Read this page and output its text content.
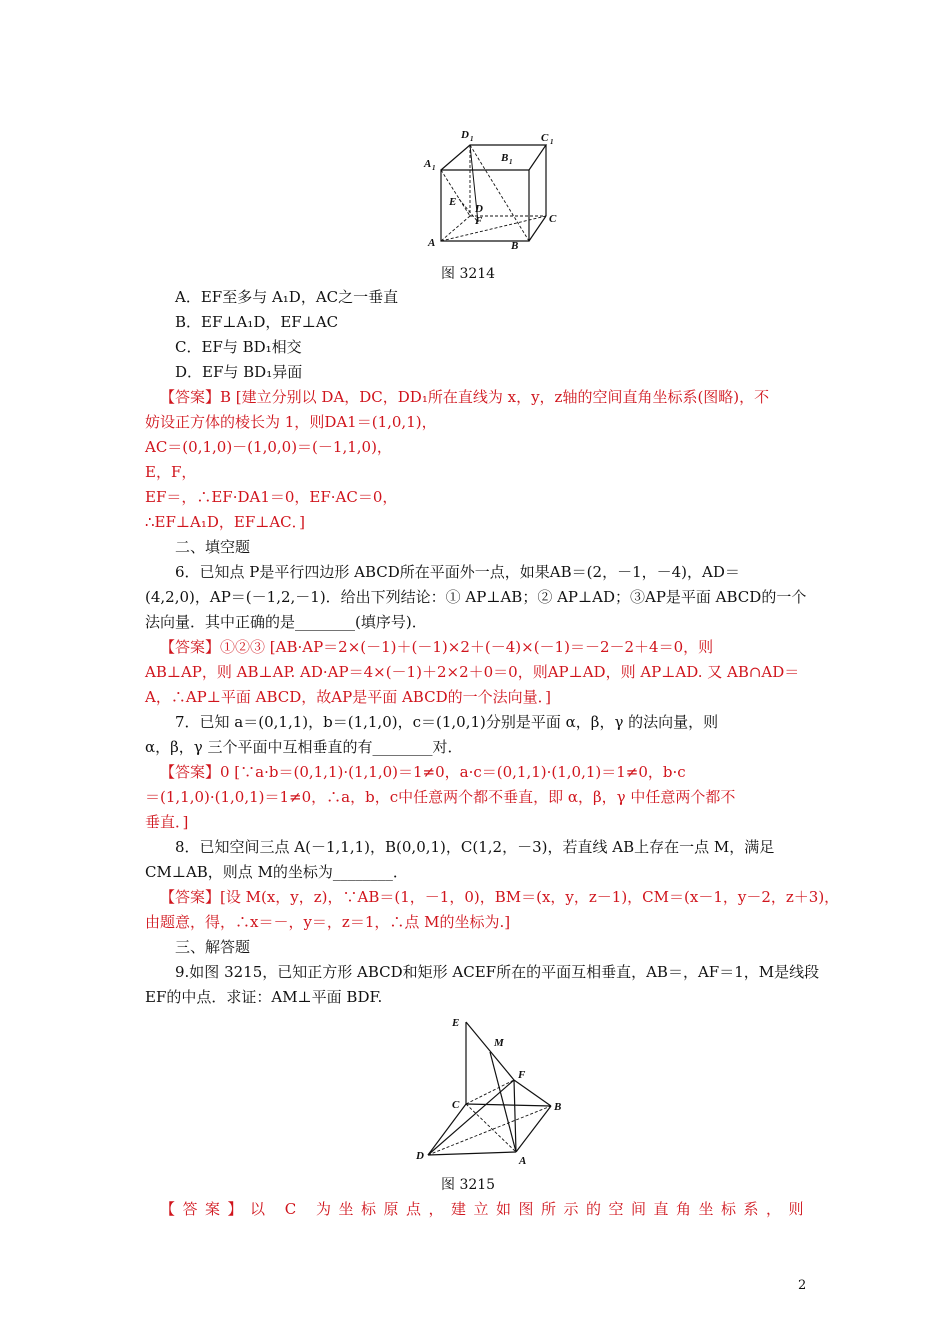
D 1	C 1
A 1
B 1
E
D
F	C
A	B
图 3214
A．EF至多与 A₁D，AC之一垂直
B．EF⊥A₁D，EF⊥AC
C．EF与 BD₁相交
D．EF与 BD₁异面
【答案】B [建立分别以 DA，DC，DD₁所在直线为 x，y，z轴的空间直角坐标系(图略)，不
妨设正方体的棱长为 1，则DA1＝(1,0,1)，
AC＝(0,1,0)－(1,0,0)＝(－1,1,0)，
E，F，
EF＝，∴EF·DA1＝0，EF·AC＝0，
∴EF⊥A₁D，EF⊥AC．]
二、填空题
6．已知点 P是平行四边形 ABCD所在平面外一点，如果AB＝(2，－1，－4)，AD＝
(4,2,0)，AP＝(－1,2,－1)．给出下列结论：① AP⊥AB；② AP⊥AD；③AP是平面 ABCD的一个
法向量．其中正确的是________(填序号)．
【答案】①②③ [AB·AP＝2×(－1)＋(－1)×2＋(－4)×(－1)＝－2－2＋4＝0，则
AB⊥AP，则 AB⊥AP. AD·AP＝4×(－1)＋2×2＋0＝0，则AP⊥AD，则 AP⊥AD. 又 AB∩AD＝
A，∴AP⊥平面 ABCD，故AP是平面 ABCD的一个法向量．]
7．已知 a＝(0,1,1)，b＝(1,1,0)，c＝(1,0,1)分别是平面 α，β，γ 的法向量，则
α，β，γ 三个平面中互相垂直的有________对．
【答案】0 [∵a·b＝(0,1,1)·(1,1,0)＝1≠0，a·c＝(0,1,1)·(1,0,1)＝1≠0，b·c
＝(1,1,0)·(1,0,1)＝1≠0，∴a，b，c中任意两个都不垂直，即 α，β，γ 中任意两个都不
垂直．]
8．已知空间三点 A(－1,1,1)，B(0,0,1)，C(1,2，－3)，若直线 AB上存在一点 M，满足
CM⊥AB，则点 M的坐标为________．
【答案】[设 M(x，y，z)，∵AB＝(1，－1，0)，BM＝(x，y，z－1)，CM＝(x－1，y－2，z＋3)，
由题意，得，∴x＝－，y＝，z＝1，∴点 M的坐标为.]
三、解答题
9.如图 3215，已知正方形 ABCD和矩形 ACEF所在的平面互相垂直，AB＝，AF＝1，M是线段
EF的中点．求证：AM⊥平面 BDF.
E
M
F
C	B
D	A
图 3215
【答案】以 C 为坐标原点，建立如图所示的空间直角坐标系，则
2
